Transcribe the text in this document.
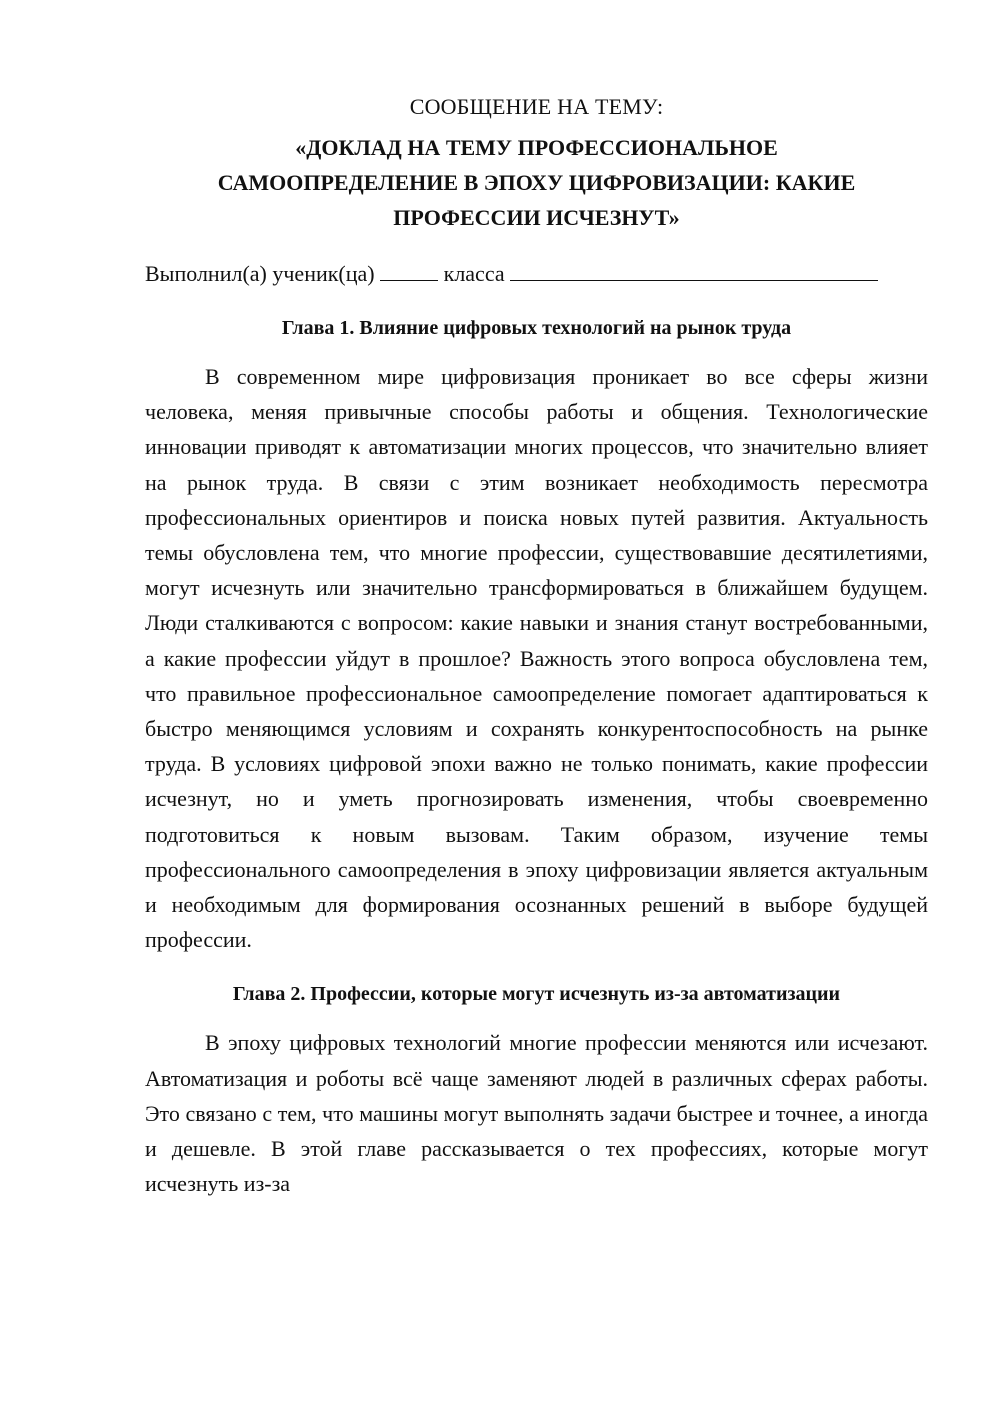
СООБЩЕНИЕ НА ТЕМУ:
«ДОКЛАД НА ТЕМУ ПРОФЕССИОНАЛЬНОЕ САМООПРЕДЕЛЕНИЕ В ЭПОХУ ЦИФРОВИЗАЦИИ: КАКИЕ ПРОФЕССИИ ИСЧЕЗНУТ»
Выполнил(а) ученик(ца)	класса
Глава 1. Влияние цифровых технологий на рынок труда

В современном мире цифровизация проникает во все сферы жизни человека, меняя привычные способы работы и общения. Технологические инновации приводят к автоматизации многих процессов, что значительно влияет на рынок труда. В связи с этим возникает необходимость пересмотра профессиональных ориентиров и поиска новых путей развития. Актуальность темы обусловлена тем, что многие профессии, существовавшие десятилетиями, могут исчезнуть или значительно трансформироваться в ближайшем будущем. Люди сталкиваются с вопросом: какие навыки и знания станут востребованными, а какие профессии уйдут в прошлое? Важность этого вопроса обусловлена тем, что правильное профессиональное самоопределение помогает адаптироваться к быстро меняющимся условиям и сохранять конкурентоспособность на рынке труда. В условиях цифровой эпохи важно не только понимать, какие профессии исчезнут, но и уметь прогнозировать изменения, чтобы своевременно подготовиться к новым вызовам. Таким образом, изучение темы профессионального самоопределения в эпоху цифровизации является актуальным и необходимым для формирования осознанных решений в выборе будущей профессии.

Глава 2. Профессии, которые могут исчезнуть из-за автоматизации

В эпоху цифровых технологий многие профессии меняются или исчезают. Автоматизация и роботы всё чаще заменяют людей в различных сферах работы. Это связано с тем, что машины могут выполнять задачи быстрее и точнее, а иногда и дешевле. В этой главе рассказывается о тех профессиях, которые могут исчезнуть из-за
